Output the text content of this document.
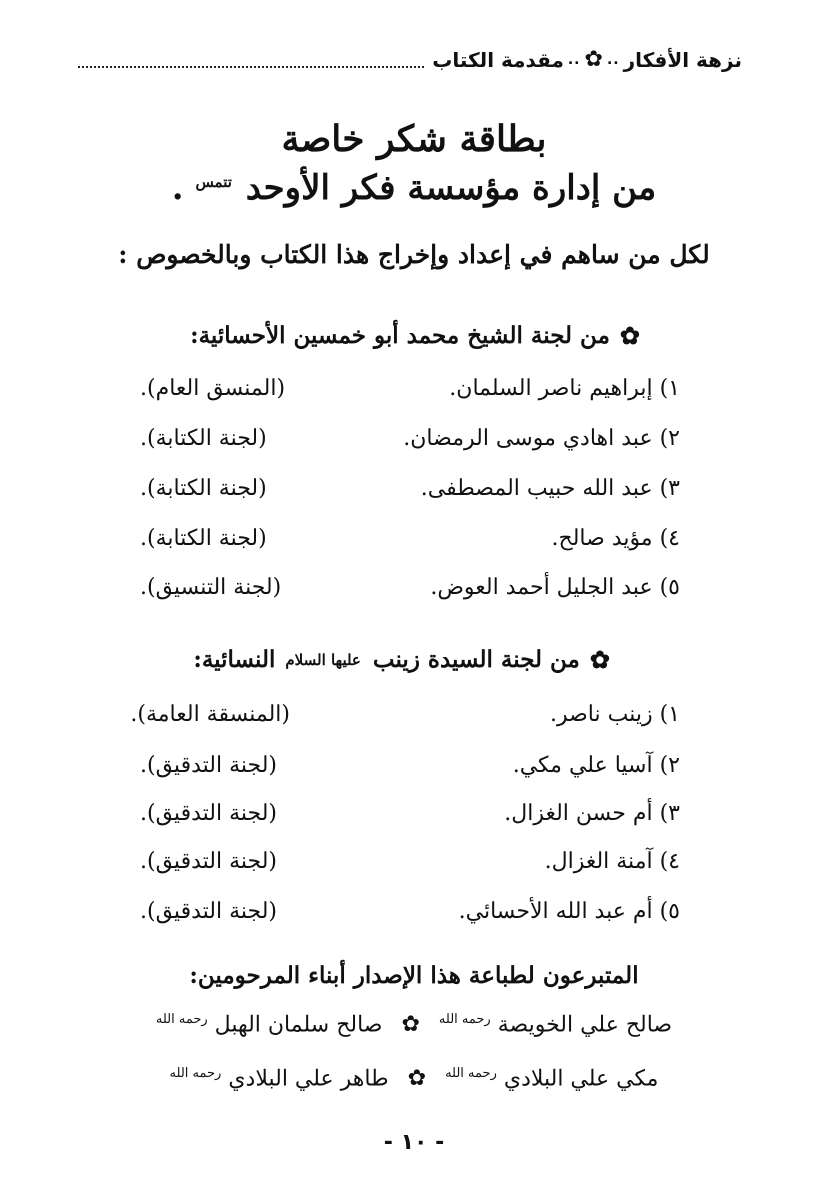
نزهة الأفكار
..
✿
..
مقدمة الكتاب
بطاقة شكر خاصة
من إدارة مؤسسة فكر الأوحد $^{تتمس}$ .
لكل من ساهم في إعداد وإخراج هذا الكتاب وبالخصوص :
✿
من لجنة الشيخ محمد أبو خمسين الأحسائية:
١) إبراهيم ناصر السلمان.
(المنسق العام).
٢) عبد اهادي موسى الرمضان.
(لجنة الكتابة).
٣) عبد الله حبيب المصطفى.
(لجنة الكتابة).
٤) مؤيد صالح.
(لجنة الكتابة).
٥) عبد الجليل أحمد العوض.
(لجنة التنسيق).
✿
من لجنة السيدة زينب
عليها السلام
النسائية:
١) زينب ناصر.
(المنسقة العامة).
٢) آسيا علي مكي.
(لجنة التدقيق).
٣) أم حسن الغزال.
(لجنة التدقيق).
٤) آمنة الغزال.
(لجنة التدقيق).
٥) أم عبد الله الأحسائي.
(لجنة التدقيق).
المتبرعون لطباعة هذا الإصدار أبناء المرحومين:
صالح علي الخويصة $^{رحمه الله}$ ✿ صالح سلمان الهبل $^{رحمه الله}$
مكي علي البلادي $^{رحمه الله}$ ✿ طاهر علي البلادي $^{رحمه الله}$
- ١٠ -
